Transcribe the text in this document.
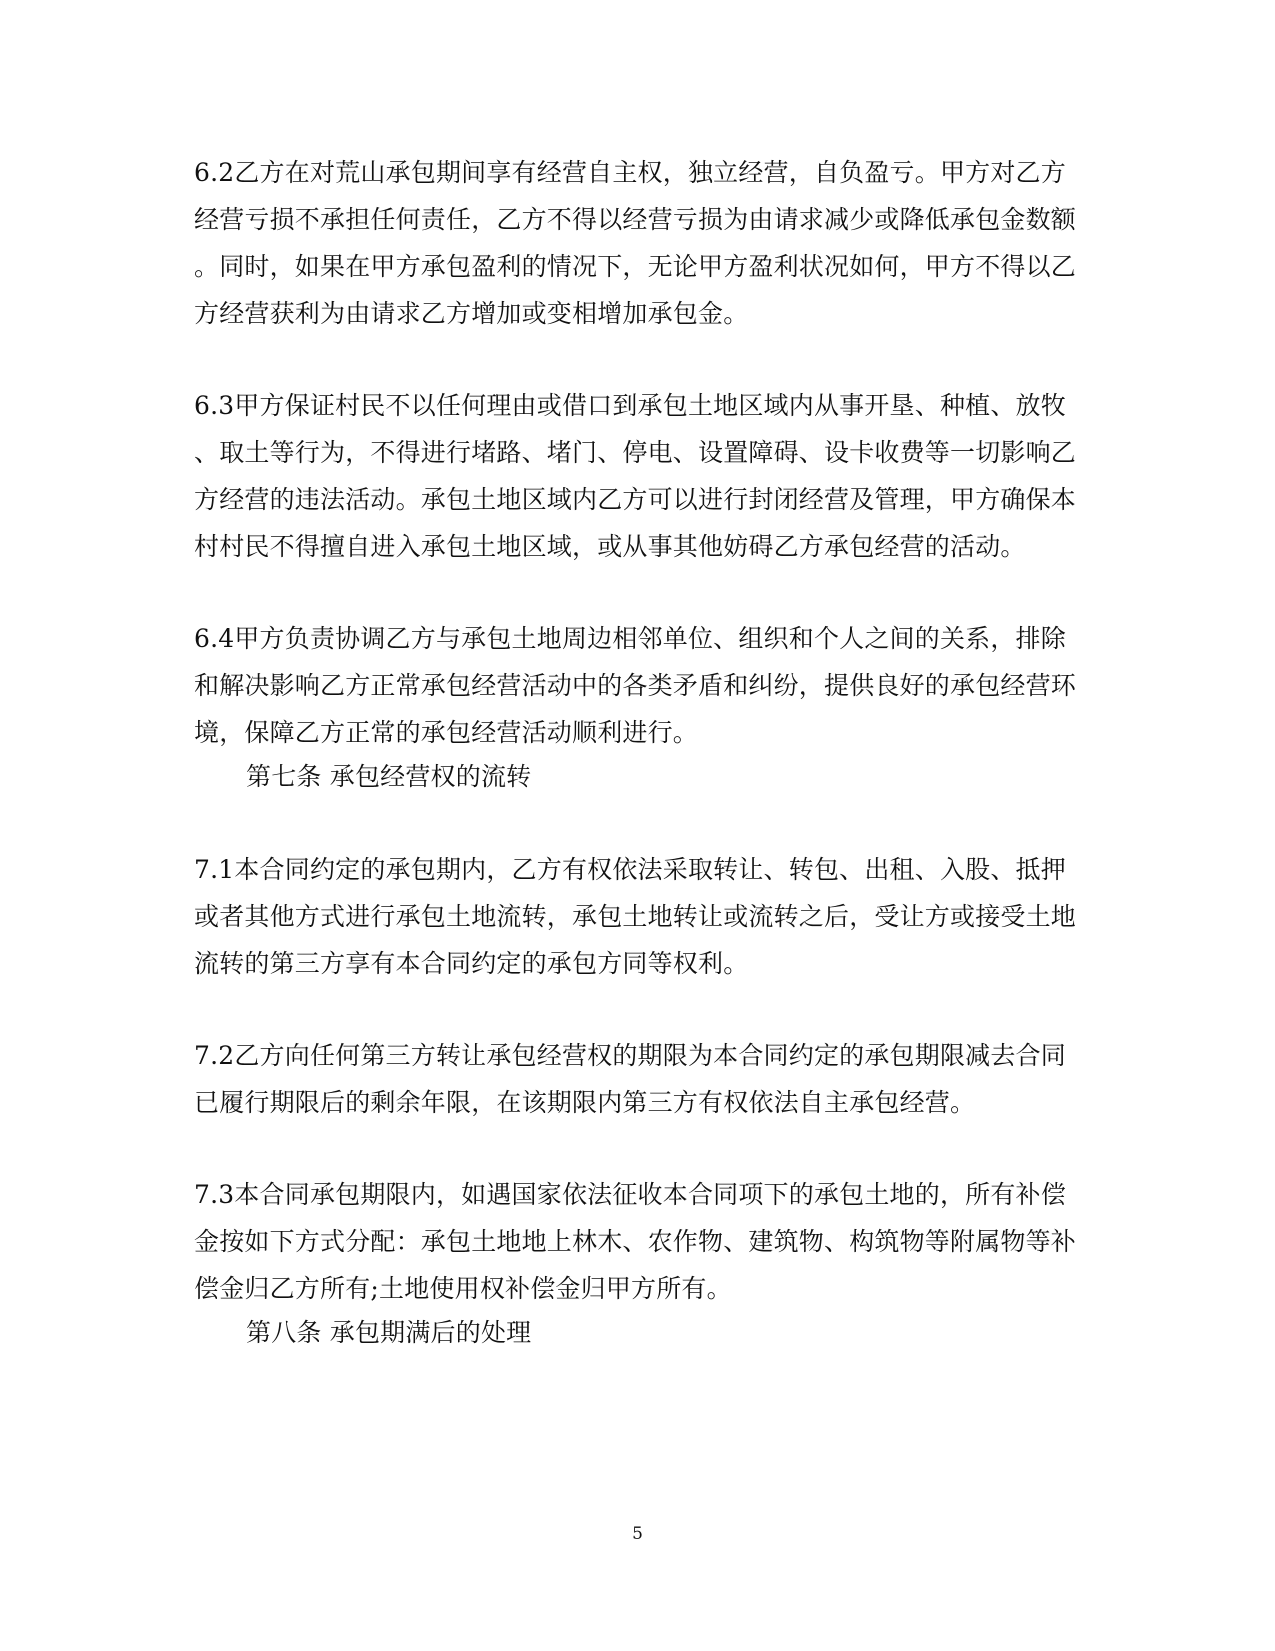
6.2乙方在对荒山承包期间享有经营自主权，独立经营，自负盈亏。甲方对乙方
经营亏损不承担任何责任，乙方不得以经营亏损为由请求减少或降低承包金数额
。同时，如果在甲方承包盈利的情况下，无论甲方盈利状况如何，甲方不得以乙
方经营获利为由请求乙方增加或变相增加承包金。
6.3甲方保证村民不以任何理由或借口到承包土地区域内从事开垦、种植、放牧
、取土等行为，不得进行堵路、堵门、停电、设置障碍、设卡收费等一切影响乙
方经营的违法活动。承包土地区域内乙方可以进行封闭经营及管理，甲方确保本
村村民不得擅自进入承包土地区域，或从事其他妨碍乙方承包经营的活动。
6.4甲方负责协调乙方与承包土地周边相邻单位、组织和个人之间的关系，排除
和解决影响乙方正常承包经营活动中的各类矛盾和纠纷，提供良好的承包经营环
境，保障乙方正常的承包经营活动顺利进行。
第七条 承包经营权的流转
7.1本合同约定的承包期内，乙方有权依法采取转让、转包、出租、入股、抵押
或者其他方式进行承包土地流转，承包土地转让或流转之后，受让方或接受土地
流转的第三方享有本合同约定的承包方同等权利。
7.2乙方向任何第三方转让承包经营权的期限为本合同约定的承包期限减去合同
已履行期限后的剩余年限，在该期限内第三方有权依法自主承包经营。
7.3本合同承包期限内，如遇国家依法征收本合同项下的承包土地的，所有补偿
金按如下方式分配：承包土地地上林木、农作物、建筑物、构筑物等附属物等补
偿金归乙方所有;土地使用权补偿金归甲方所有。
第八条 承包期满后的处理
5
